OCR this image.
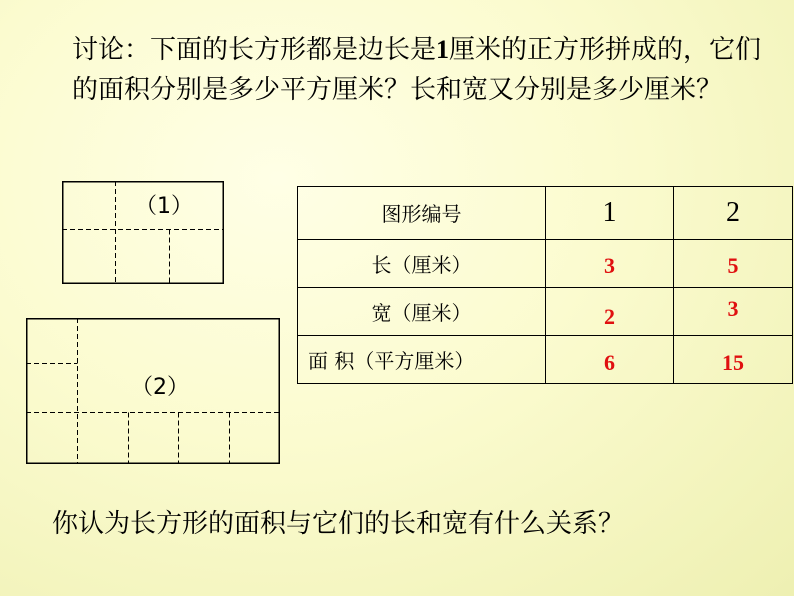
讨论：下面的长方形都是边长是1厘米的正方形拼成的，它们的面积分别是多少平方厘米？长和宽又分别是多少厘米？

（1）
（2）
图形编号	1	2
长（厘米）	3	5
宽（厘米）	2	3
面 积（平方厘米）	6	15

你认为长方形的面积与它们的长和宽有什么关系？
